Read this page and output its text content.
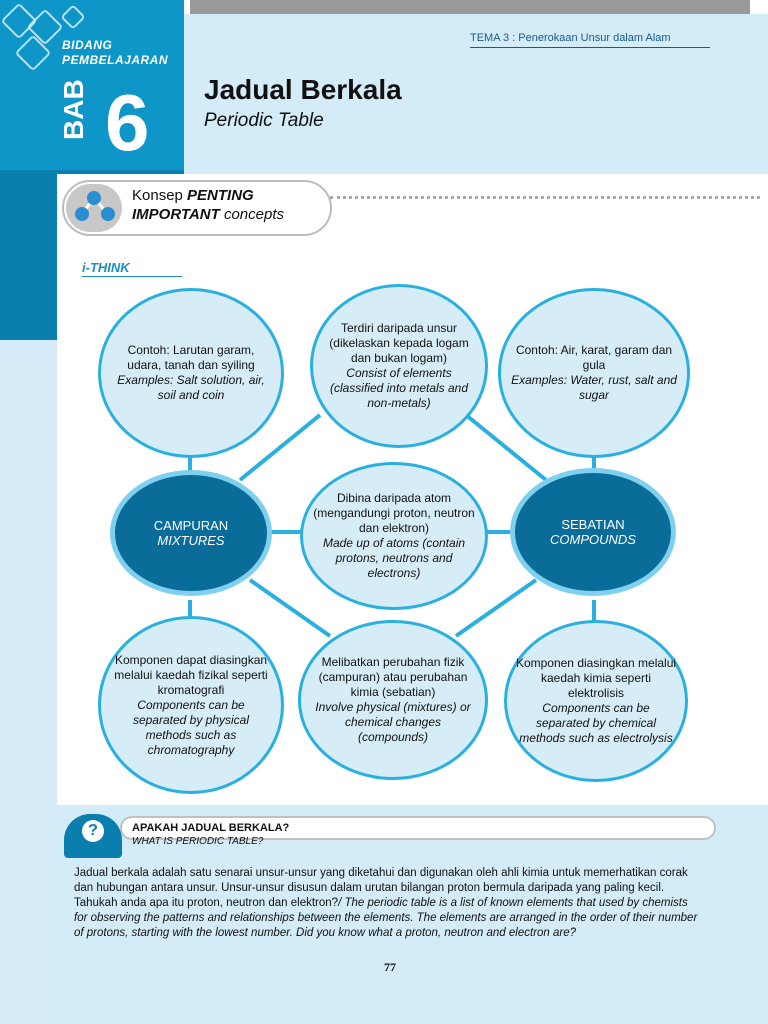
BIDANG
PEMBELAJARAN
BAB 6
TEMA 3 : Penerokaan Unsur dalam Alam
Jadual Berkala
Periodic Table
Konsep PENTING
IMPORTANT concepts
i-THINK
Contoh: Larutan garam, udara, tanah dan syiling
Examples: Salt solution, air, soil and coin
Terdiri daripada unsur (dikelaskan kepada logam dan bukan logam)
Consist of elements (classified into metals and non-metals)
Contoh: Air, karat, garam dan gula
Examples: Water, rust, salt and sugar
CAMPURAN
MIXTURES
Dibina daripada atom (mengandungi proton, neutron dan elektron)
Made up of atoms (contain protons, neutrons and electrons)
SEBATIAN
COMPOUNDS
Komponen dapat diasingkan melalui kaedah fizikal seperti kromatografi
Components can be separated by physical methods such as chromatography
Melibatkan perubahan fizik (campuran) atau perubahan kimia (sebatian)
Involve physical (mixtures) or chemical changes (compounds)
Komponen diasingkan melalui kaedah kimia seperti elektrolisis
Components can be separated by chemical methods such as electrolysis
?	APAKAH JADUAL BERKALA?
WHAT IS PERIODIC TABLE?
Jadual berkala adalah satu senarai unsur-unsur yang diketahui dan digunakan oleh ahli kimia untuk memerhatikan corak dan hubungan antara unsur. Unsur-unsur disusun dalam urutan bilangan proton bermula daripada yang paling kecil. Tahukah anda apa itu proton, neutron dan elektron?/ The periodic table is a list of known elements that used by chemists for observing the patterns and relationships between the elements. The elements are arranged in the order of their number of protons, starting with the lowest number. Did you know what a proton, neutron and electron are?
77
